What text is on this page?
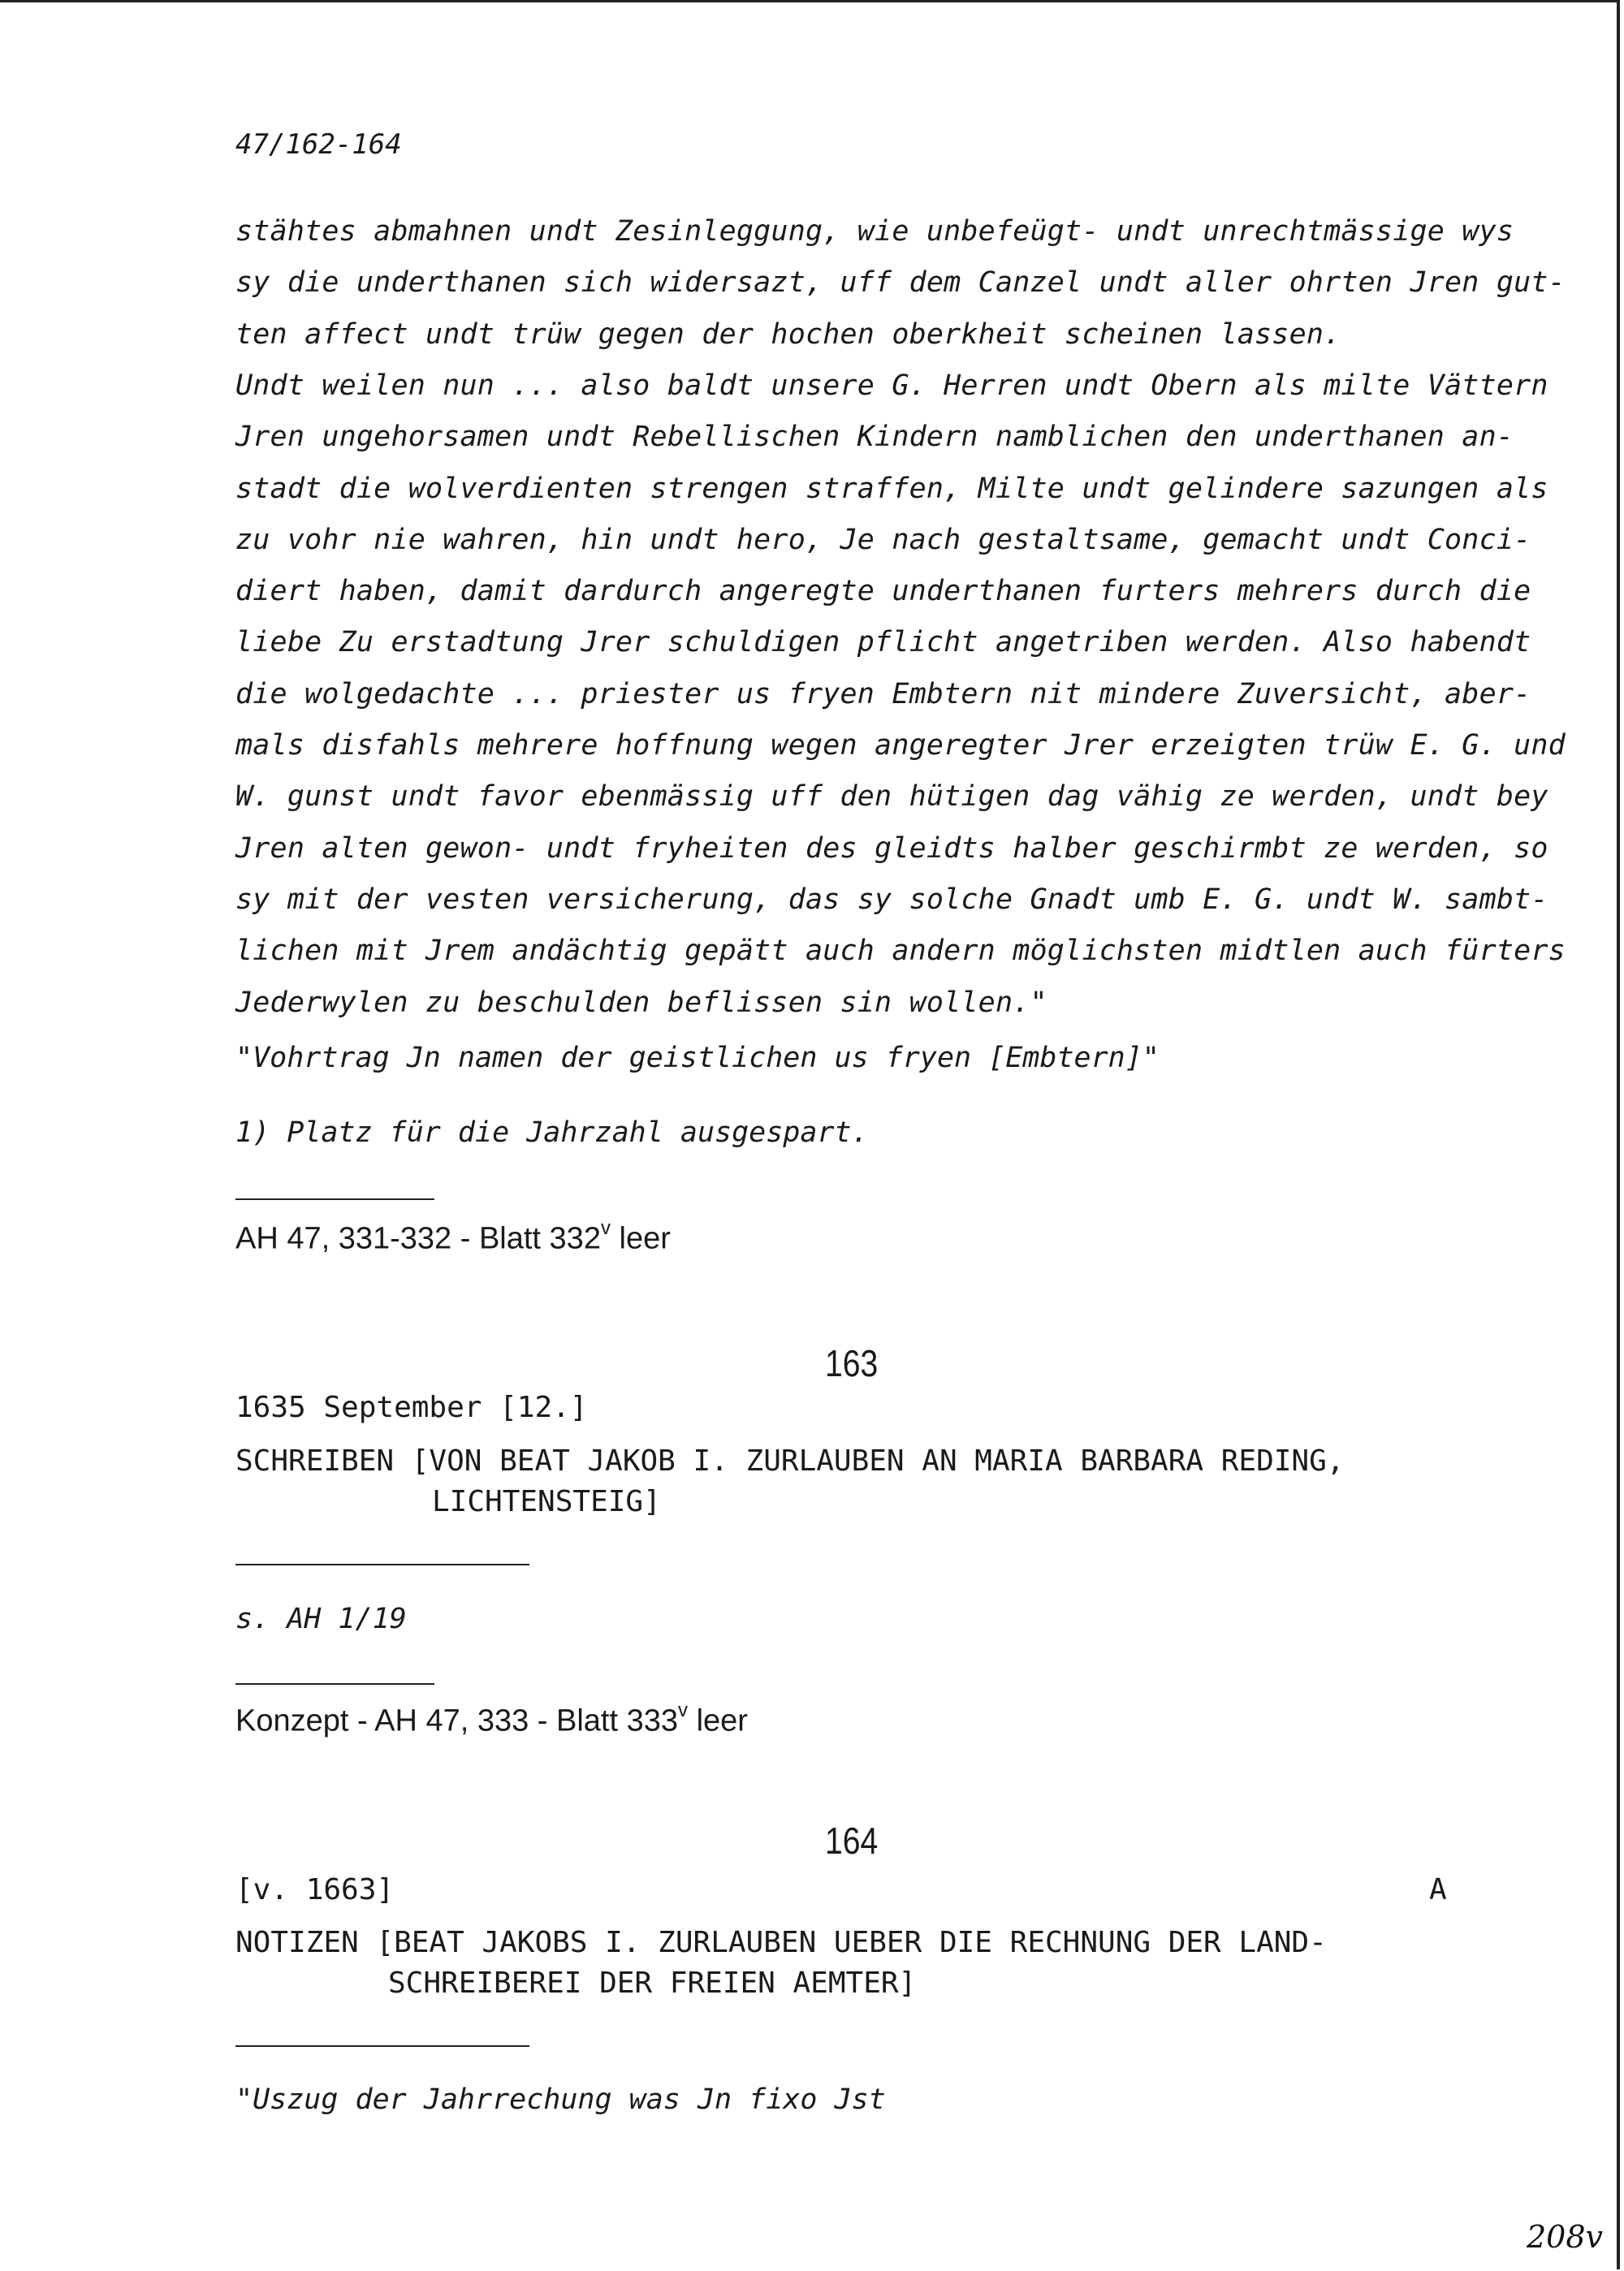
47/162-164
stähtes abmahnen undt Zesinleggung, wie unbefeügt- undt unrechtmässige wys
sy die underthanen sich widersazt, uff dem Canzel undt aller ohrten Jren gut-
ten affect undt trüw gegen der hochen oberkheit scheinen lassen.
Undt weilen nun ... also baldt unsere G. Herren undt Obern als milte Vättern
Jren ungehorsamen undt Rebellischen Kindern namblichen den underthanen an-
stadt die wolverdienten strengen straffen, Milte undt gelindere sazungen als
zu vohr nie wahren, hin undt hero, Je nach gestaltsame, gemacht undt Conci-
diert haben, damit dardurch angeregte underthanen furters mehrers durch die
liebe Zu erstadtung Jrer schuldigen pflicht angetriben werden. Also habendt
die wolgedachte ... priester us fryen Embtern nit mindere Zuversicht, aber-
mals disfahls mehrere hoffnung wegen angeregter Jrer erzeigten trüw E. G. und
W. gunst undt favor ebenmässig uff den hütigen dag vähig ze werden, undt bey
Jren alten gewon- undt fryheiten des gleidts halber geschirmbt ze werden, so
sy mit der vesten versicherung, das sy solche Gnadt umb E. G. undt W. sambt-
lichen mit Jrem andächtig gepätt auch andern möglichsten midtlen auch fürters
Jederwylen zu beschulden beflissen sin wollen."
"Vohrtrag Jn namen der geistlichen us fryen [Embtern]"
1) Platz für die Jahrzahl ausgespart.
AH 47, 331-332 - Blatt 332$^v$ leer
163
1635 September [12.]
SCHREIBEN [VON BEAT JAKOB I. ZURLAUBEN AN MARIA BARBARA REDING,
LICHTENSTEIG]
s. AH 1/19
Konzept - AH 47, 333 - Blatt 333$^v$ leer
164
[v. 1663]	A
NOTIZEN [BEAT JAKOBS I. ZURLAUBEN UEBER DIE RECHNUNG DER LAND-
SCHREIBEREI DER FREIEN AEMTER]
"Uszug der Jahrrechung was Jn fixo Jst
208v
